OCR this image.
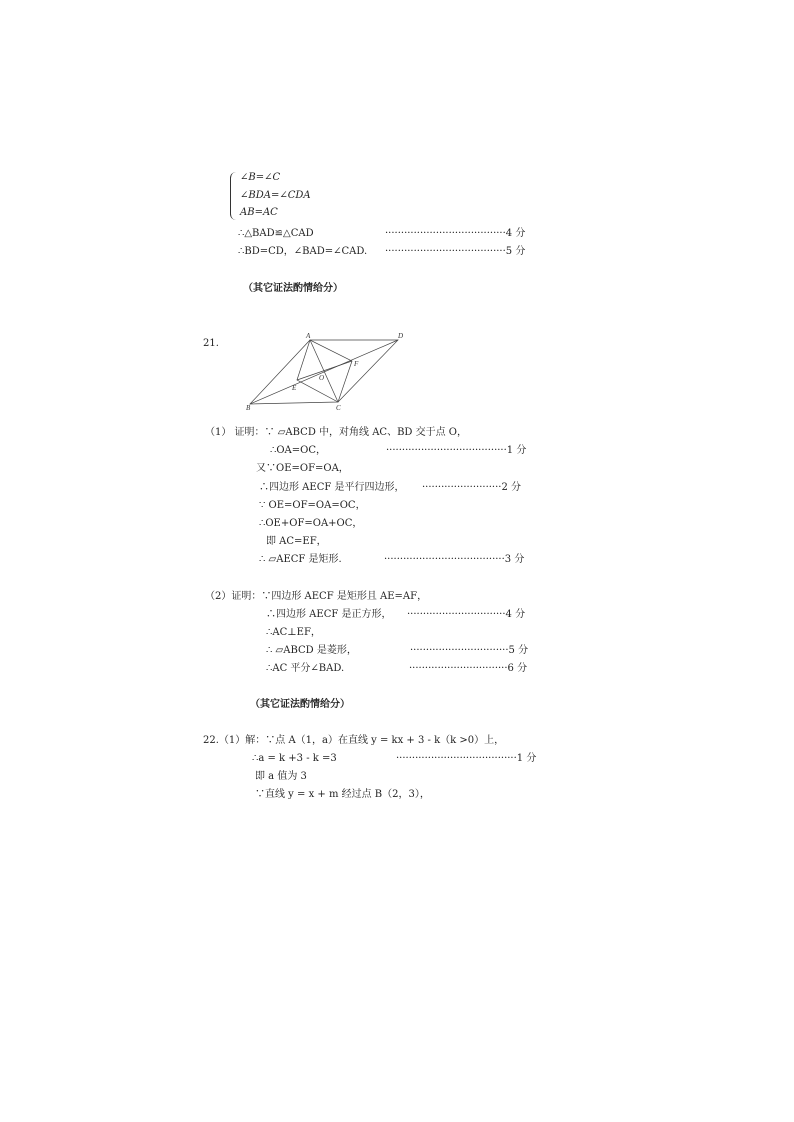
∠B=∠C
∠BDA=∠CDA
AB=AC
∴△BAD≌△CAD	······································4 分
∴BD=CD，∠BAD=∠CAD. ······································5 分
（其它证法酌情给分）
21.
A	D
C
B
E
F
O
（1） 证明：∵ ▱ABCD 中，对角线 AC、BD 交于点 O，
∴OA=OC，	······································1 分
又∵OE=OF=OA，
∴四边形 AECF 是平行四边形， ·························2 分
∵ OE=OF=OA=OC，
∴OE+OF=OA+OC，
即 AC=EF，
∴ ▱AECF 是矩形.	······································3 分
（2）证明：∵四边形 AECF 是矩形且 AE=AF，
∴四边形 AECF 是正方形， ·······························4 分
∴AC⊥EF，
∴ ▱ABCD 是菱形，	·······························5 分
∴AC 平分∠BAD.	·······························6 分
（其它证法酌情给分）
22.（1）解：∵点 A（1，a）在直线 y = kx + 3 - k（k >0）上，
∴a = k +3 - k =3	······································1 分
即 a 值为 3
∵直线 y = x + m 经过点 B（2，3），
